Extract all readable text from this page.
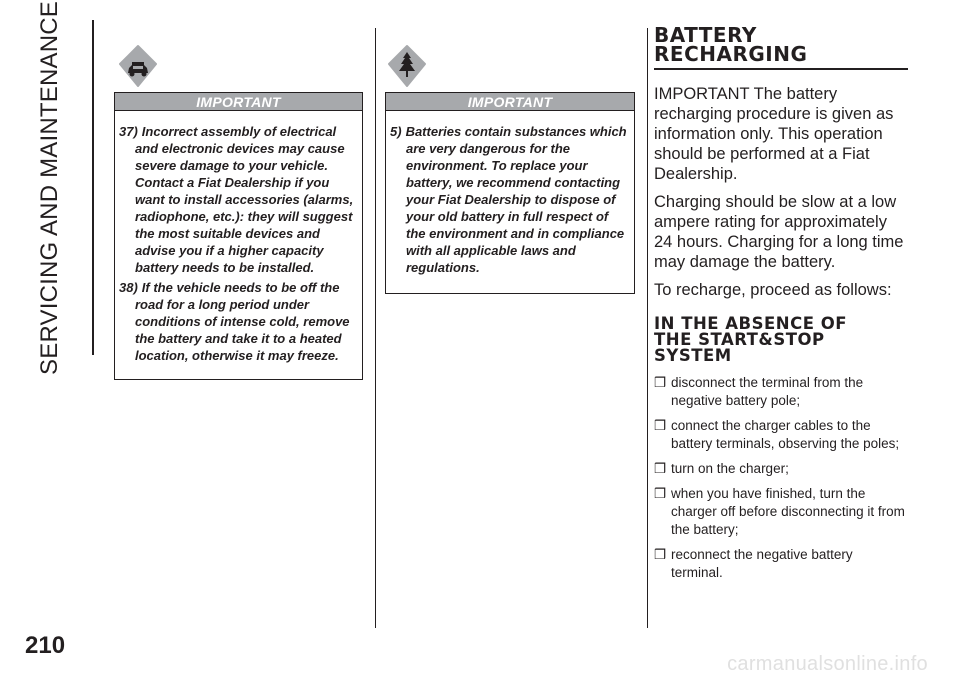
SERVICING AND MAINTENANCE
210
IMPORTANT
37) Incorrect assembly of electrical and electronic devices may cause severe damage to your vehicle. Contact a Fiat Dealership if you want to install accessories (alarms, radiophone, etc.): they will suggest the most suitable devices and advise you if a higher capacity battery needs to be installed.
38) If the vehicle needs to be off the road for a long period under conditions of intense cold, remove the battery and take it to a heated location, otherwise it may freeze.
IMPORTANT
5) Batteries contain substances which are very dangerous for the environment. To replace your battery, we recommend contacting your Fiat Dealership to dispose of your old battery in full respect of the environment and in compliance with all applicable laws and regulations.
BATTERY
RECHARGING

IMPORTANT The battery recharging procedure is given as information only. This operation should be performed at a Fiat Dealership.

Charging should be slow at a low ampere rating for approximately 24 hours. Charging for a long time may damage the battery.

To recharge, proceed as follows:

IN THE ABSENCE OF
THE START&STOP
SYSTEM
❒ disconnect the terminal from the negative battery pole;
❒ connect the charger cables to the battery terminals, observing the poles;
❒ turn on the charger;
❒ when you have finished, turn the charger off before disconnecting it from the battery;
❒ reconnect the negative battery terminal.
carmanualsonline.info
